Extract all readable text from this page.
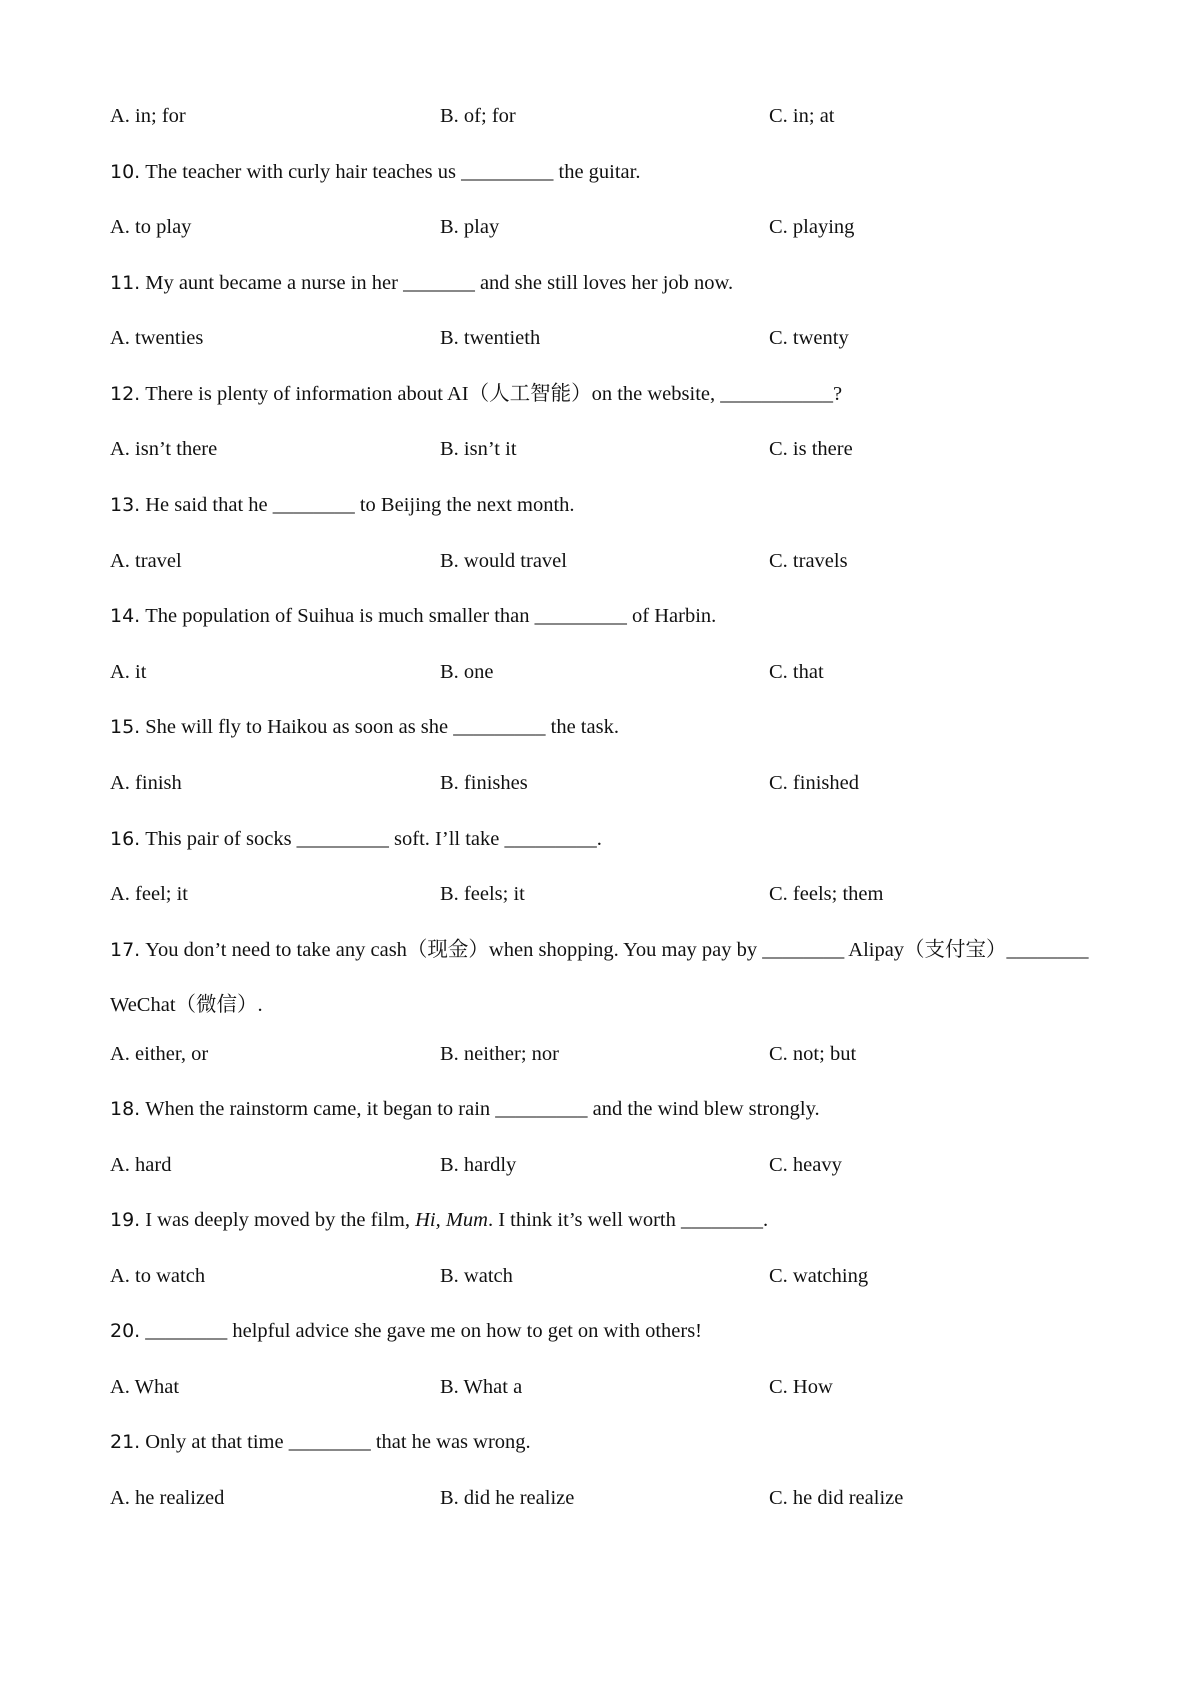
A. in; for	B. of; for	C. in; at
10. The teacher with curly hair teaches us _________ the guitar.
A. to play	B. play	C. playing
11. My aunt became a nurse in her _______ and she still loves her job now.
A. twenties	B. twentieth	C. twenty
12. There is plenty of information about AI（人工智能）on the website, ___________?
A. isn’t there	B. isn’t it	C. is there
13. He said that he ________ to Beijing the next month.
A. travel	B. would travel	C. travels
14. The population of Suihua is much smaller than _________ of Harbin.
A. it	B. one	C. that
15. She will fly to Haikou as soon as she _________ the task.
A. finish	B. finishes	C. finished
16. This pair of socks _________ soft. I’ll take _________.
A. feel; it	B. feels; it	C. feels; them
17. You don’t need to take any cash（现金）when shopping. You may pay by ________ Alipay（支付宝）________
WeChat（微信）.
A. either, or	B. neither; nor	C. not; but
18. When the rainstorm came, it began to rain _________ and the wind blew strongly.
A. hard	B. hardly	C. heavy
19. I was deeply moved by the film, Hi, Mum. I think it’s well worth ________.
A. to watch	B. watch	C. watching
20. ________ helpful advice she gave me on how to get on with others!
A. What	B. What a	C. How
21. Only at that time ________ that he was wrong.
A. he realized	B. did he realize	C. he did realize
